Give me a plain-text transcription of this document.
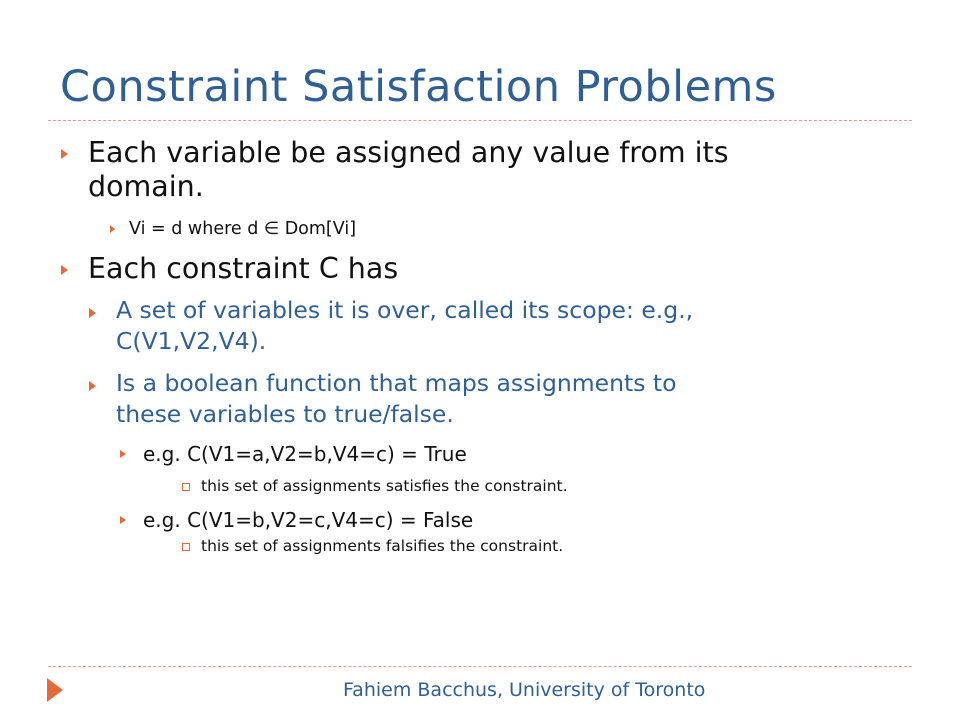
Constraint Satisfaction Problems
Each variable be assigned any value from its
domain.
Vi = d where d ∈ Dom[Vi]
Each constraint C has
A set of variables it is over, called its scope: e.g.,
C(V1,V2,V4).
Is a boolean function that maps assignments to
these variables to true/false.
e.g. C(V1=a,V2=b,V4=c) = True
this set of assignments satisfies the constraint.
e.g. C(V1=b,V2=c,V4=c) = False
this set of assignments falsifies the constraint.
Fahiem Bacchus, University of Toronto
